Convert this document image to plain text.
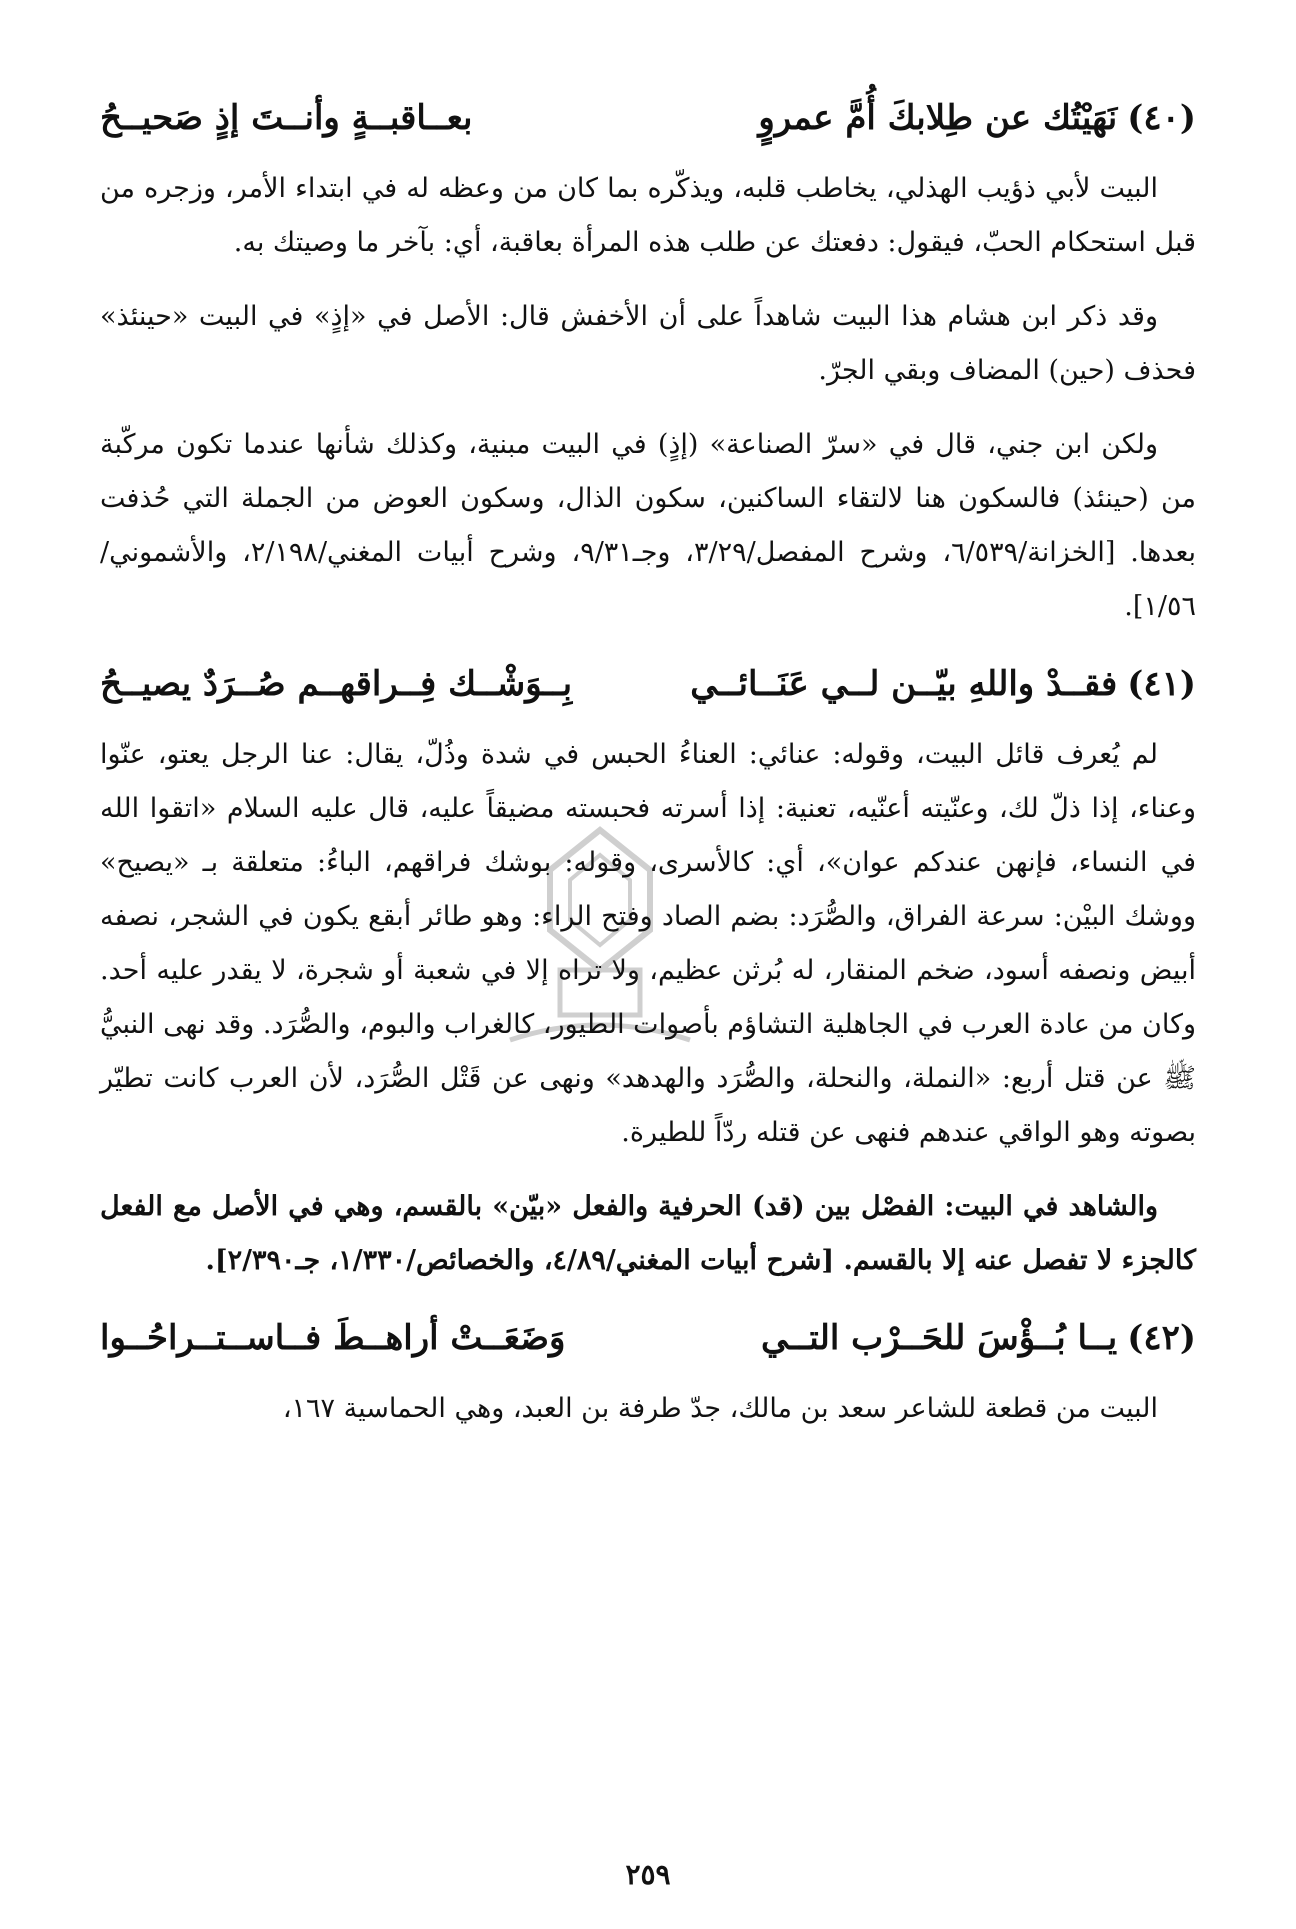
(٤٠)
نَهَيْتُك عن طِلابكَ أُمَّ عمروٍ
بعــاقبــةٍ وأنــتَ إذٍ صَحيــحُ

البيت لأبي ذؤيب الهذلي، يخاطب قلبه، ويذكّره بما كان من وعظه له في ابتداء الأمر، وزجره من قبل استحكام الحبّ، فيقول: دفعتك عن طلب هذه المرأة بعاقبة، أي: بآخر ما وصيتك به.

وقد ذكر ابن هشام هذا البيت شاهداً على أن الأخفش قال: الأصل في «إذٍ» في البيت «حينئذ» فحذف (حين) المضاف وبقي الجرّ.

ولكن ابن جني، قال في «سرّ الصناعة» (إذٍ) في البيت مبنية، وكذلك شأنها عندما تكون مركّبة من (حينئذ) فالسكون هنا لالتقاء الساكنين، سكون الذال، وسكون العوض من الجملة التي حُذفت بعدها. [الخزانة/٦/٥٣٩، وشرح المفصل/٣/٢٩، وجـ٩/٣١، وشرح أبيات المغني/٢/١٩٨، والأشموني/١/٥٦].

(٤١)
فقــدْ واللهِ بيّــن لــي عَنَــائــي
بِــوَشْــك فِــراقهــم صُــرَدٌ يصيــحُ

لم يُعرف قائل البيت، وقوله: عنائي: العناءُ الحبس في شدة وذُلّ، يقال: عنا الرجل يعتو، عنّوا وعناء، إذا ذلّ لك، وعنّيته أعنّيه، تعنية: إذا أسرته فحبسته مضيقاً عليه، قال عليه السلام «اتقوا الله في النساء، فإنهن عندكم عوان»، أي: كالأسرى، وقوله: بوشك فراقهم، الباءُ: متعلقة بـ «يصيح» ووشك البيْن: سرعة الفراق، والصُّرَد: بضم الصاد وفتح الراء: وهو طائر أبقع يكون في الشجر، نصفه أبيض ونصفه أسود، ضخم المنقار، له بُرثن عظيم، ولا تراه إلا في شعبة أو شجرة، لا يقدر عليه أحد. وكان من عادة العرب في الجاهلية التشاؤم بأصوات الطيور، كالغراب والبوم، والصُّرَد. وقد نهى النبيُّ ﷺ عن قتل أربع: «النملة، والنحلة، والصُّرَد والهدهد» ونهى عن قَتْل الصُّرَد، لأن العرب كانت تطيّر بصوته وهو الواقي عندهم فنهى عن قتله ردّاً للطيرة.

والشاهد في البيت: الفصْل بين (قد) الحرفية والفعل «بيّن» بالقسم، وهي في الأصل مع الفعل كالجزء لا تفصل عنه إلا بالقسم. [شرح أبيات المغني/٤/٨٩، والخصائص/١/٣٣٠، جـ٢/٣٩٠].

(٤٢)
يــا بُــؤْسَ للحَــرْب التــي
وَضَعَــتْ أراهــطَ فــاســتــراحُــوا

البيت من قطعة للشاعر سعد بن مالك، جدّ طرفة بن العبد، وهي الحماسية ١٦٧،

٢٥٩
